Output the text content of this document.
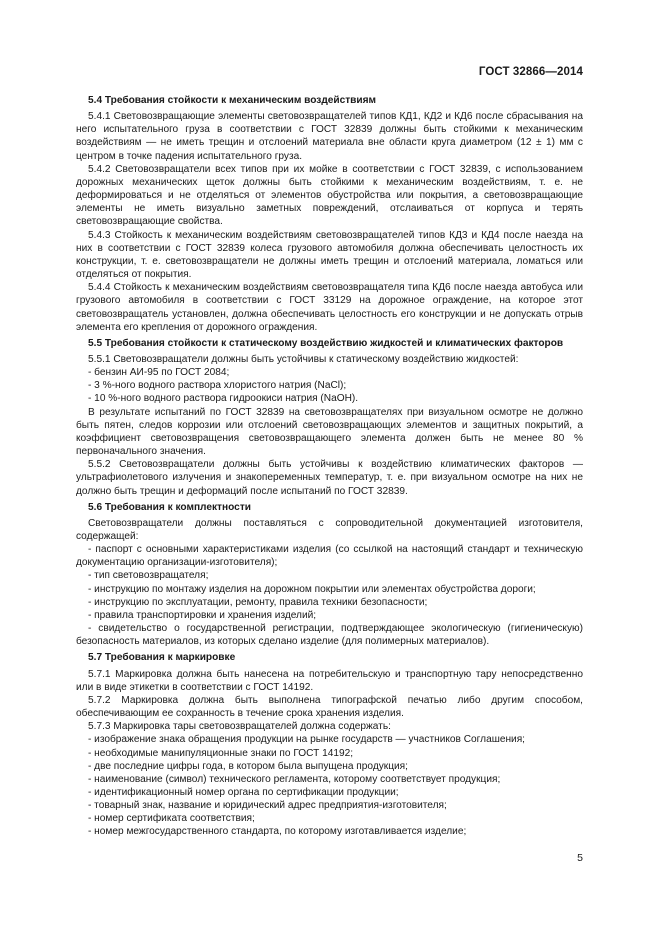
ГОСТ 32866—2014
5.4 Требования стойкости к механическим воздействиям

5.4.1 Световозвращающие элементы световозвращателей типов КД1, КД2 и КД6 после сбрасывания на него испытательного груза в соответствии с ГОСТ 32839 должны быть стойкими к механическим воздействиям — не иметь трещин и отслоений материала вне области круга диаметром (12 ± 1) мм с центром в точке падения испытательного груза.

5.4.2 Световозвращатели всех типов при их мойке в соответствии с ГОСТ 32839, с использованием дорожных механических щеток должны быть стойкими к механическим воздействиям, т. е. не деформироваться и не отделяться от элементов обустройства или покрытия, а световозвращающие элементы не иметь визуально заметных повреждений, отслаиваться от корпуса и терять световозвращающие свойства.

5.4.3 Стойкость к механическим воздействиям световозвращателей типов КД3 и КД4 после наезда на них в соответствии с ГОСТ 32839 колеса грузового автомобиля должна обеспечивать целостность их конструкции, т. е. световозвращатели не должны иметь трещин и отслоений материала, ломаться или отделяться от покрытия.

5.4.4 Стойкость к механическим воздействиям световозвращателя типа КД6 после наезда автобуса или грузового автомобиля в соответствии с ГОСТ 33129 на дорожное ограждение, на которое этот световозвращатель установлен, должна обеспечивать целостность его конструкции и не допускать отрыв элемента его крепления от дорожного ограждения.

5.5 Требования стойкости к статическому воздействию жидкостей и климатических факторов

5.5.1 Световозвращатели должны быть устойчивы к статическому воздействию жидкостей:

- бензин АИ-95 по ГОСТ 2084;

- 3 %-ного водного раствора хлористого натрия (NaCl);

- 10 %-ного водного раствора гидроокиси натрия (NaOH).

В результате испытаний по ГОСТ 32839 на световозвращателях при визуальном осмотре не должно быть пятен, следов коррозии или отслоений световозвращающих элементов и защитных покрытий, а коэффициент световозвращения световозвращающего элемента должен быть не менее 80 % первоначального значения.

5.5.2 Световозвращатели должны быть устойчивы к воздействию климатических факторов — ультрафиолетового излучения и знакопеременных температур, т. е. при визуальном осмотре на них не должно быть трещин и деформаций после испытаний по ГОСТ 32839.

5.6 Требования к комплектности

Световозвращатели должны поставляться с сопроводительной документацией изготовителя, содержащей:

- паспорт с основными характеристиками изделия (со ссылкой на настоящий стандарт и техническую документацию организации-изготовителя);

- тип световозвращателя;

- инструкцию по монтажу изделия на дорожном покрытии или элементах обустройства дороги;

- инструкцию по эксплуатации, ремонту, правила техники безопасности;

- правила транспортировки и хранения изделий;

- свидетельство о государственной регистрации, подтверждающее экологическую (гигиеническую) безопасность материалов, из которых сделано изделие (для полимерных материалов).

5.7 Требования к маркировке

5.7.1 Маркировка должна быть нанесена на потребительскую и транспортную тару непосредственно или в виде этикетки в соответствии с ГОСТ 14192.

5.7.2 Маркировка должна быть выполнена типографской печатью либо другим способом, обеспечивающим ее сохранность в течение срока хранения изделия.

5.7.3 Маркировка тары световозвращателей должна содержать:

- изображение знака обращения продукции на рынке государств — участников Соглашения;

- необходимые манипуляционные знаки по ГОСТ 14192;

- две последние цифры года, в котором была выпущена продукция;

- наименование (символ) технического регламента, которому соответствует продукция;

- идентификационный номер органа по сертификации продукции;

- товарный знак, название и юридический адрес предприятия-изготовителя;

- номер сертификата соответствия;

- номер межгосударственного стандарта, по которому изготавливается изделие;

5
